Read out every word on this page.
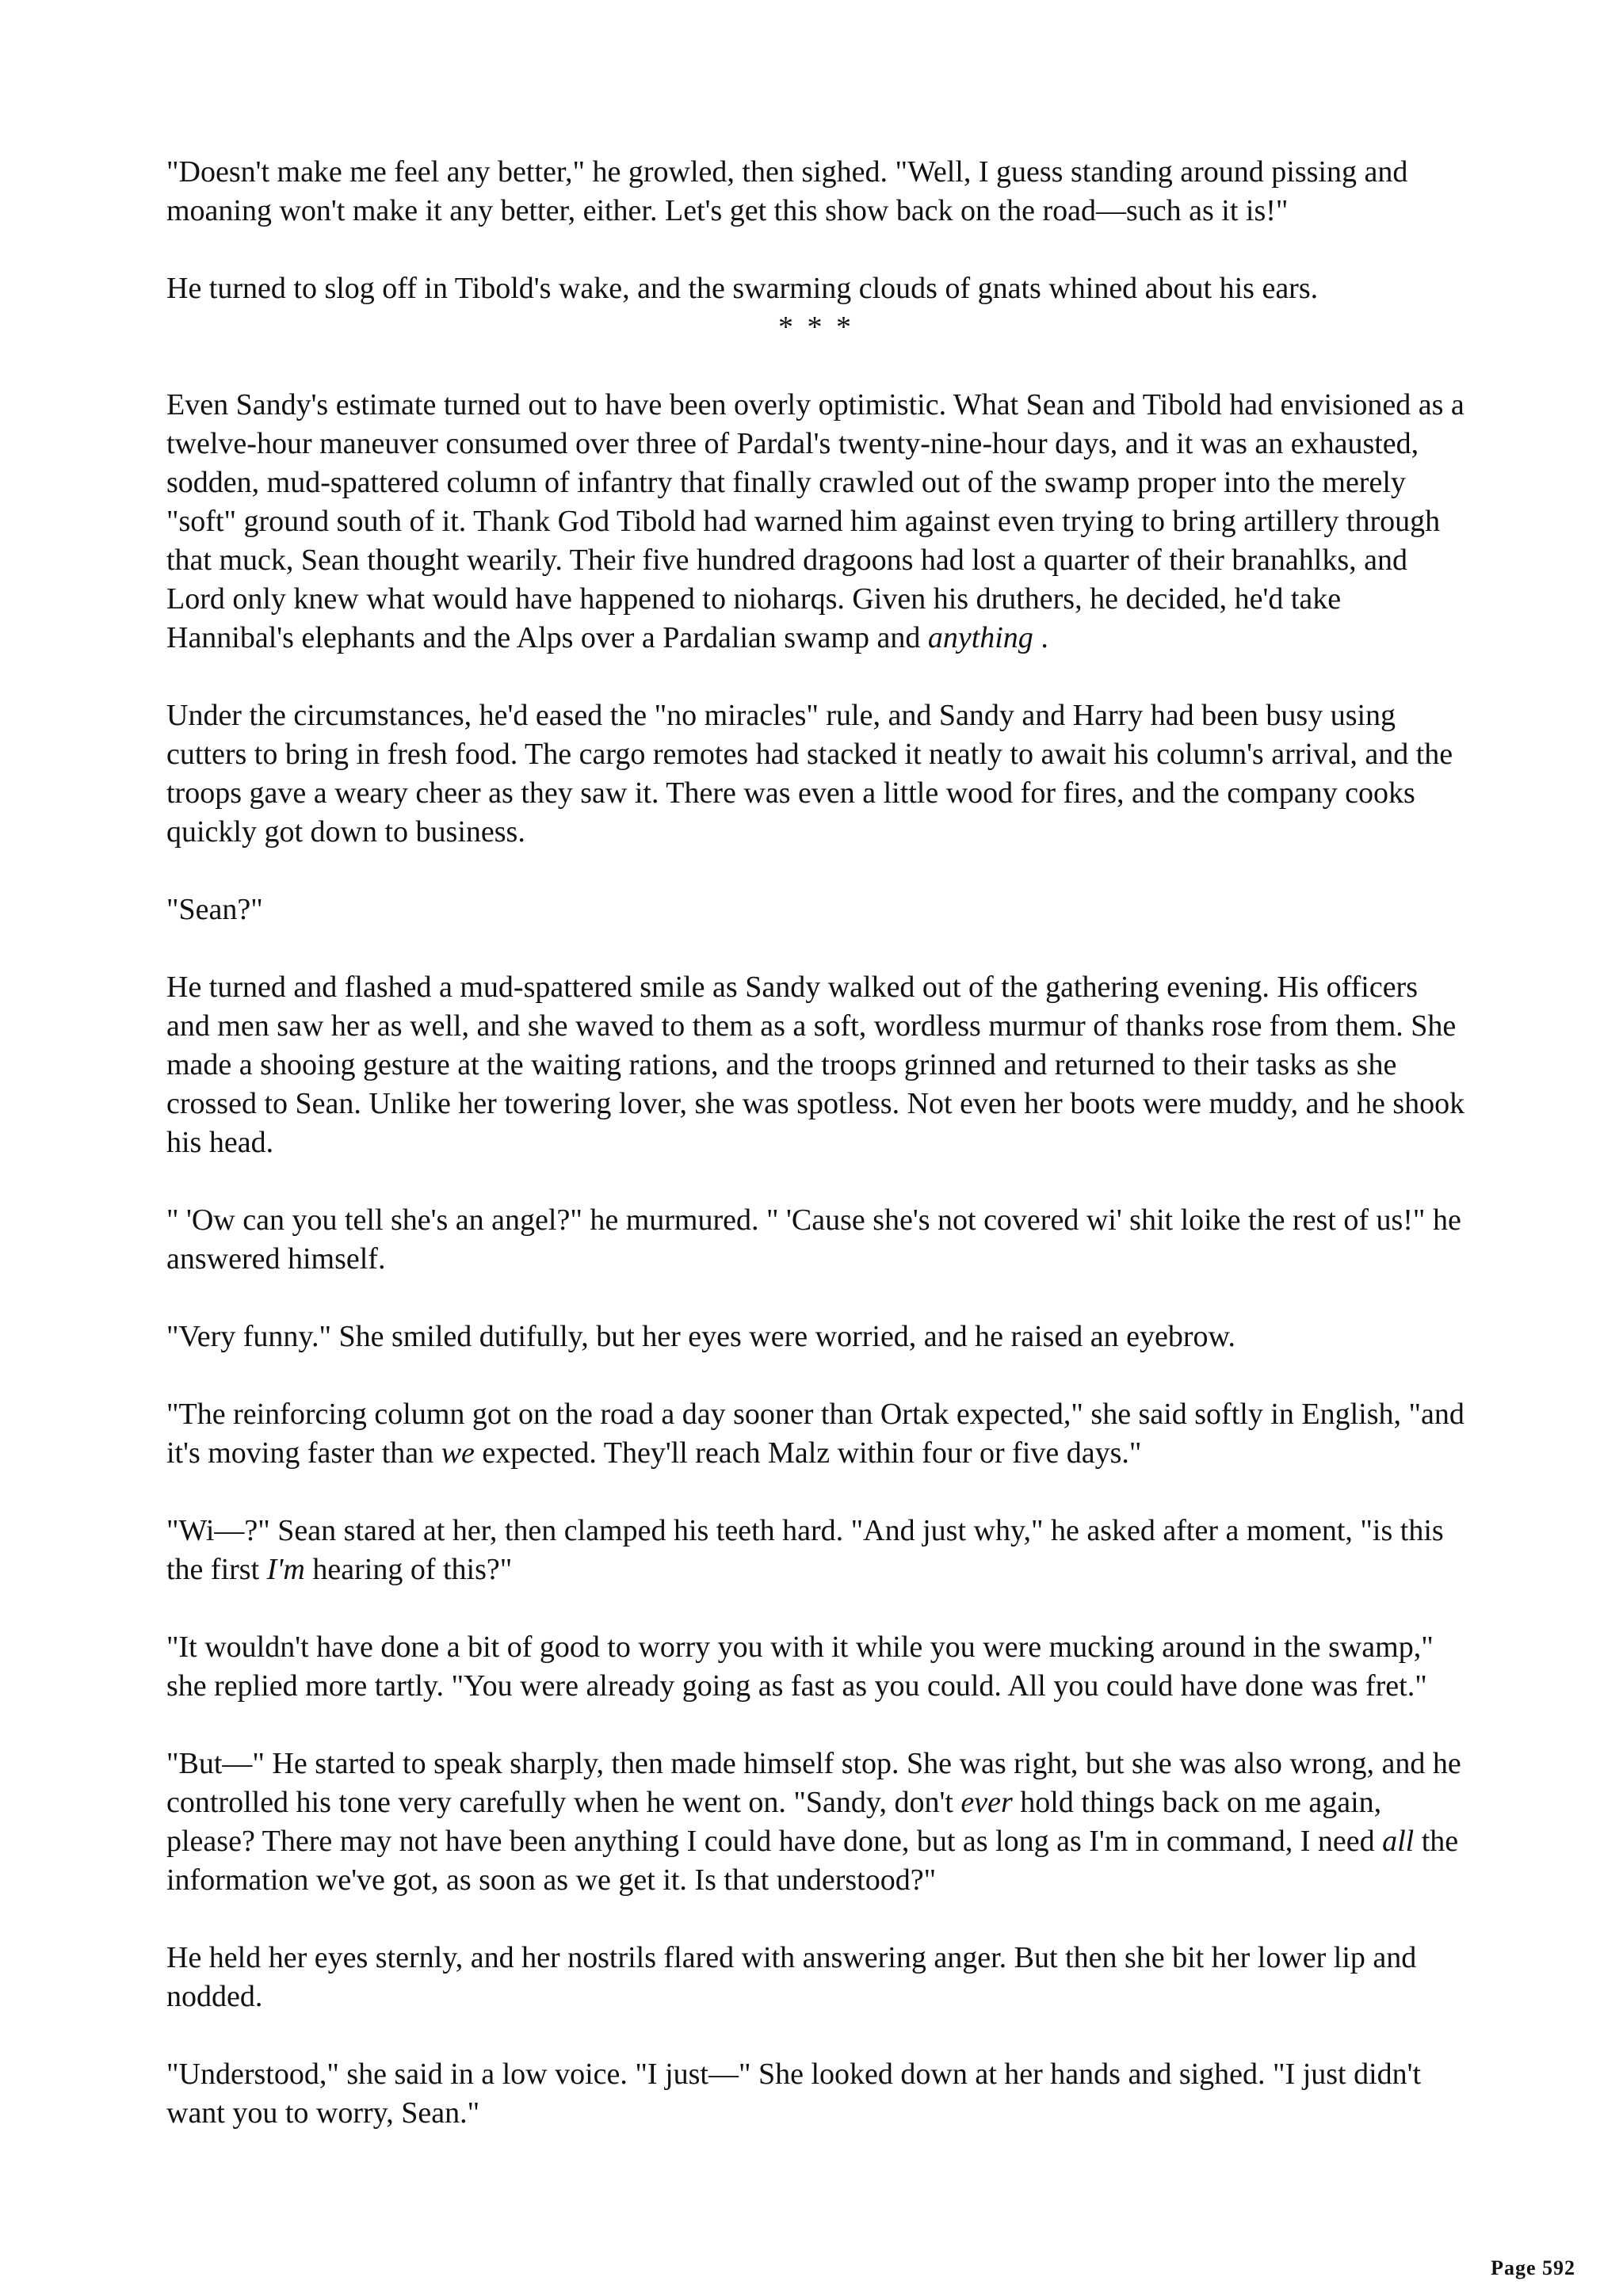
"Doesn't make me feel any better," he growled, then sighed. "Well, I guess standing around pissing and moaning won't make it any better, either. Let's get this show back on the road—such as it is!"

He turned to slog off in Tibold's wake, and the swarming clouds of gnats whined about his ears.

* * *

Even Sandy's estimate turned out to have been overly optimistic. What Sean and Tibold had envisioned as a twelve-hour maneuver consumed over three of Pardal's twenty-nine-hour days, and it was an exhausted, sodden, mud-spattered column of infantry that finally crawled out of the swamp proper into the merely "soft" ground south of it. Thank God Tibold had warned him against even trying to bring artillery through that muck, Sean thought wearily. Their five hundred dragoons had lost a quarter of their branahlks, and Lord only knew what would have happened to nioharqs. Given his druthers, he decided, he'd take Hannibal's elephants and the Alps over a Pardalian swamp and anything .

Under the circumstances, he'd eased the "no miracles" rule, and Sandy and Harry had been busy using cutters to bring in fresh food. The cargo remotes had stacked it neatly to await his column's arrival, and the troops gave a weary cheer as they saw it. There was even a little wood for fires, and the company cooks quickly got down to business.

"Sean?"

He turned and flashed a mud-spattered smile as Sandy walked out of the gathering evening. His officers and men saw her as well, and she waved to them as a soft, wordless murmur of thanks rose from them. She made a shooing gesture at the waiting rations, and the troops grinned and returned to their tasks as she crossed to Sean. Unlike her towering lover, she was spotless. Not even her boots were muddy, and he shook his head.

" 'Ow can you tell she's an angel?" he murmured. " 'Cause she's not covered wi' shit loike the rest of us!" he answered himself.

"Very funny." She smiled dutifully, but her eyes were worried, and he raised an eyebrow.

"The reinforcing column got on the road a day sooner than Ortak expected," she said softly in English, "and it's moving faster than we expected. They'll reach Malz within four or five days."

"Wi—?" Sean stared at her, then clamped his teeth hard. "And just why," he asked after a moment, "is this the first I'm hearing of this?"

"It wouldn't have done a bit of good to worry you with it while you were mucking around in the swamp," she replied more tartly. "You were already going as fast as you could. All you could have done was fret."

"But—" He started to speak sharply, then made himself stop. She was right, but she was also wrong, and he controlled his tone very carefully when he went on. "Sandy, don't ever hold things back on me again, please? There may not have been anything I could have done, but as long as I'm in command, I need all the information we've got, as soon as we get it. Is that understood?"

He held her eyes sternly, and her nostrils flared with answering anger. But then she bit her lower lip and nodded.

"Understood," she said in a low voice. "I just—" She looked down at her hands and sighed. "I just didn't want you to worry, Sean."

Page 592
